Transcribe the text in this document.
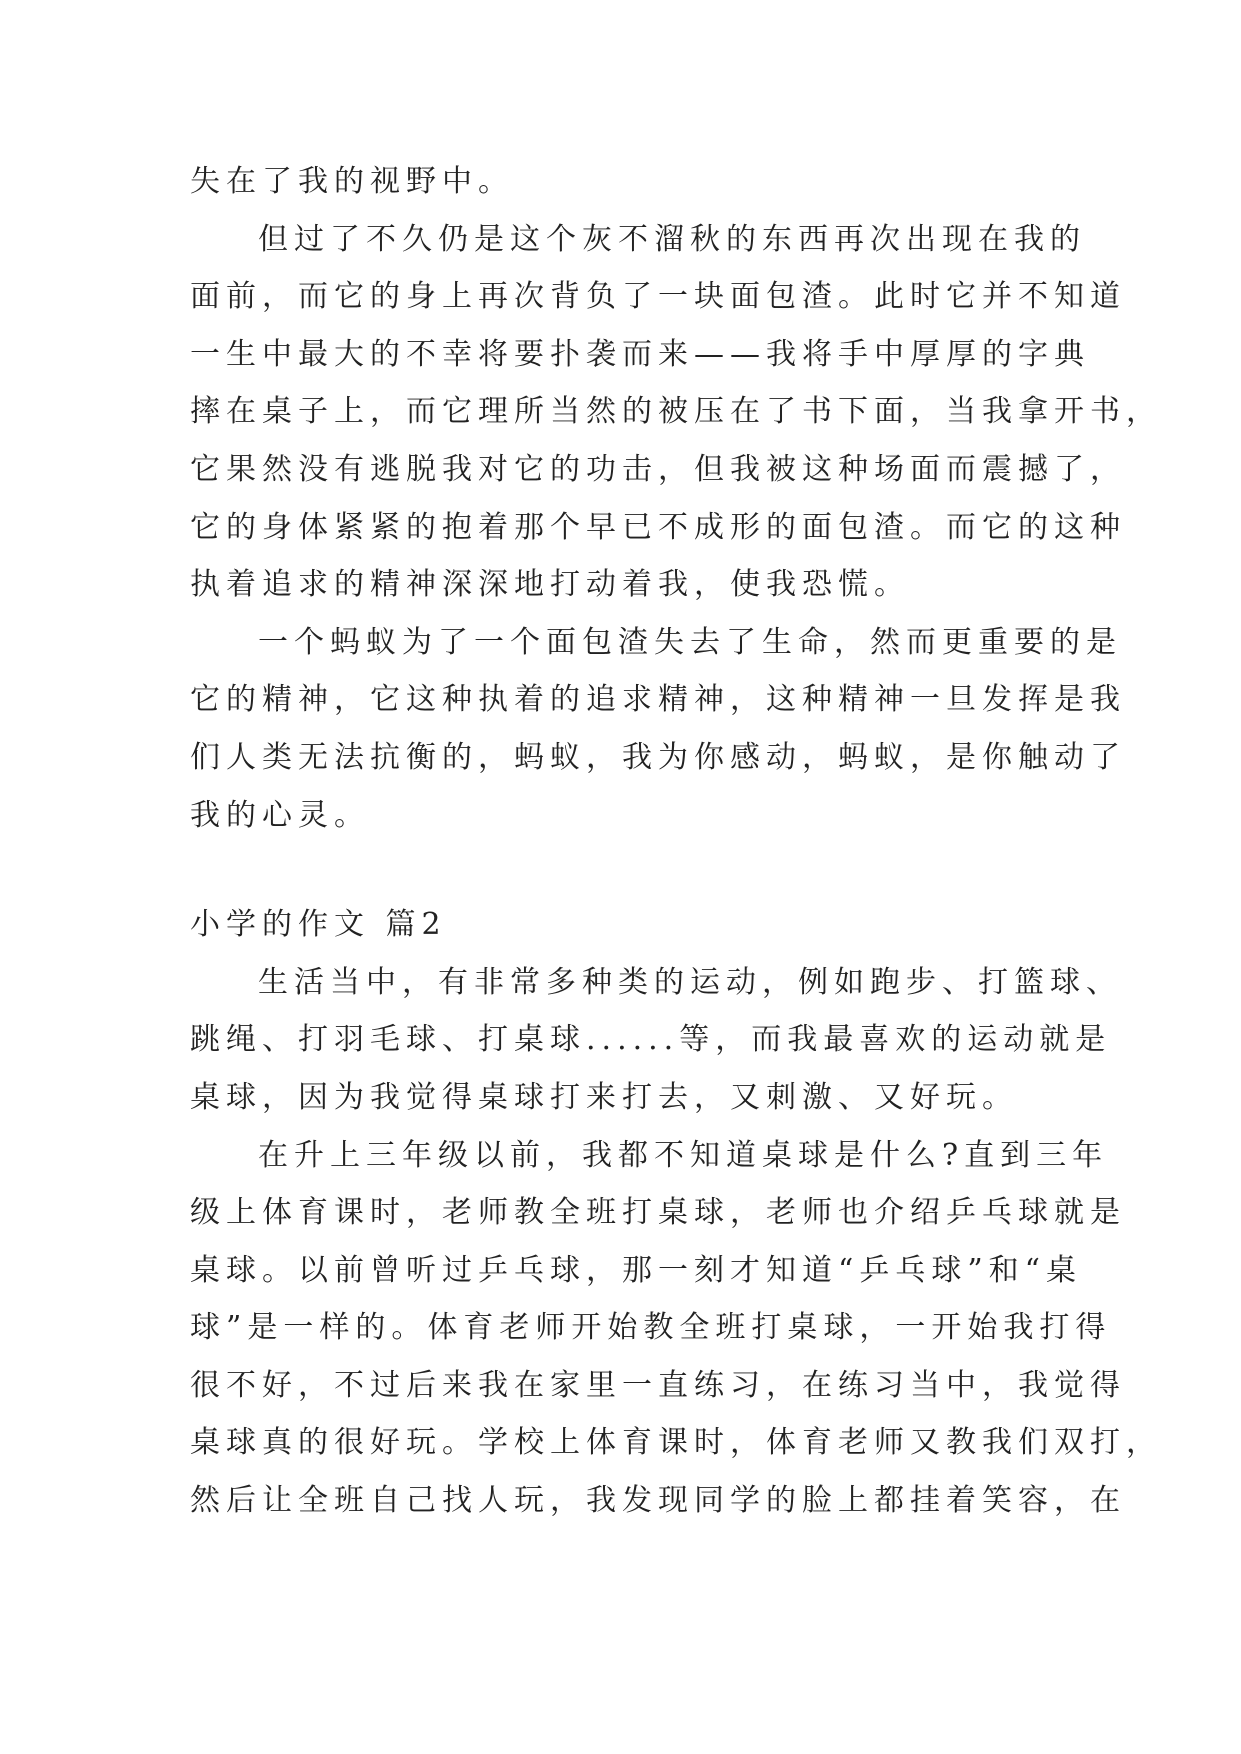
失在了我的视野中。
但过了不久仍是这个灰不溜秋的东西再次出现在我的
面前，而它的身上再次背负了一块面包渣。此时它并不知道
一生中最大的不幸将要扑袭而来——我将手中厚厚的字典
摔在桌子上，而它理所当然的被压在了书下面，当我拿开书，
它果然没有逃脱我对它的功击，但我被这种场面而震撼了，
它的身体紧紧的抱着那个早已不成形的面包渣。而它的这种
执着追求的精神深深地打动着我，使我恐慌。
一个蚂蚁为了一个面包渣失去了生命，然而更重要的是
它的精神，它这种执着的追求精神，这种精神一旦发挥是我
们人类无法抗衡的，蚂蚁，我为你感动，蚂蚁，是你触动了
我的心灵。
小学的作文 篇2
生活当中，有非常多种类的运动，例如跑步、打篮球、
跳绳、打羽毛球、打桌球......等，而我最喜欢的运动就是
桌球，因为我觉得桌球打来打去，又刺激、又好玩。
在升上三年级以前，我都不知道桌球是什么?直到三年
级上体育课时，老师教全班打桌球，老师也介绍乒乓球就是
桌球。以前曾听过乒乓球，那一刻才知道“乒乓球”和“桌
球”是一样的。体育老师开始教全班打桌球，一开始我打得
很不好，不过后来我在家里一直练习，在练习当中，我觉得
桌球真的很好玩。学校上体育课时，体育老师又教我们双打，
然后让全班自己找人玩，我发现同学的脸上都挂着笑容，在
